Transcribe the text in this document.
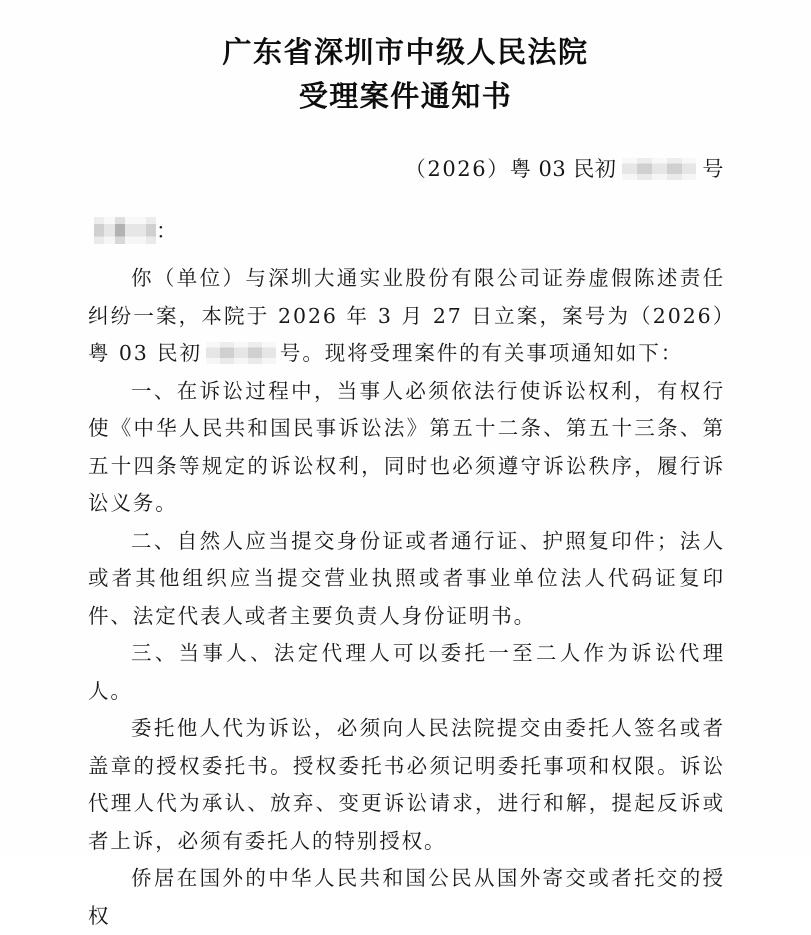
广东省深圳市中级人民法院
受理案件通知书
（2026）粤 03 民初	号
：

你（单位）与深圳大通实业股份有限公司证券虚假陈述责任纠纷一案，本院于 2026 年 3 月 27 日立案，案号为（2026）粤 03 民初	号。现将受理案件的有关事项通知如下：

一、在诉讼过程中，当事人必须依法行使诉讼权利，有权行使《中华人民共和国民事诉讼法》第五十二条、第五十三条、第五十四条等规定的诉讼权利，同时也必须遵守诉讼秩序，履行诉讼义务。

二、自然人应当提交身份证或者通行证、护照复印件；法人或者其他组织应当提交营业执照或者事业单位法人代码证复印件、法定代表人或者主要负责人身份证明书。

三、当事人、法定代理人可以委托一至二人作为诉讼代理人。

委托他人代为诉讼，必须向人民法院提交由委托人签名或者盖章的授权委托书。授权委托书必须记明委托事项和权限。诉讼代理人代为承认、放弃、变更诉讼请求，进行和解，提起反诉或者上诉，必须有委托人的特别授权。

侨居在国外的中华人民共和国公民从国外寄交或者托交的授权
